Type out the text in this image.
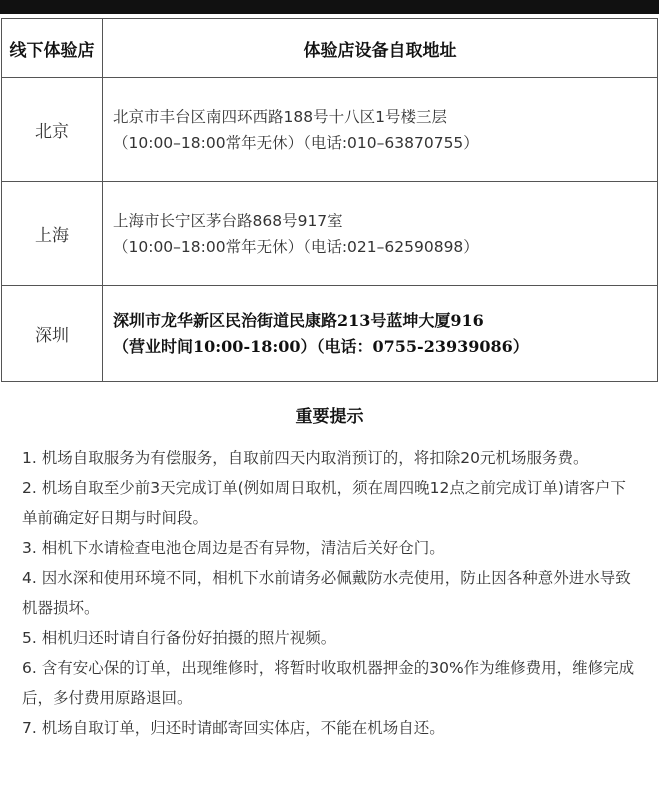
线下体验店	体验店设备自取地址
北京	北京市丰台区南四环西路188号十八区1号楼三层
（10:00–18:00常年无休）（电话:010–63870755）

上海	上海市长宁区茅台路868号917室
（10:00–18:00常年无休）（电话:021–62590898）

深圳	深圳市龙华新区民治街道民康路213号蓝坤大厦916
（营业时间10:00-18:00）（电话：0755-23939086）
重要提示
1. 机场自取服务为有偿服务，自取前四天内取消预订的，将扣除20元机场服务费。
2. 机场自取至少前3天完成订单(例如周日取机，须在周四晚12点之前完成订单)请客户下单前确定好日期与时间段。
3. 相机下水请检查电池仓周边是否有异物，清洁后关好仓门。
4. 因水深和使用环境不同，相机下水前请务必佩戴防水壳使用，防止因各种意外进水导致机器损坏。
5. 相机归还时请自行备份好拍摄的照片视频。
6. 含有安心保的订单，出现维修时，将暂时收取机器押金的30%作为维修费用，维修完成后，多付费用原路退回。
7. 机场自取订单，归还时请邮寄回实体店，不能在机场自还。
